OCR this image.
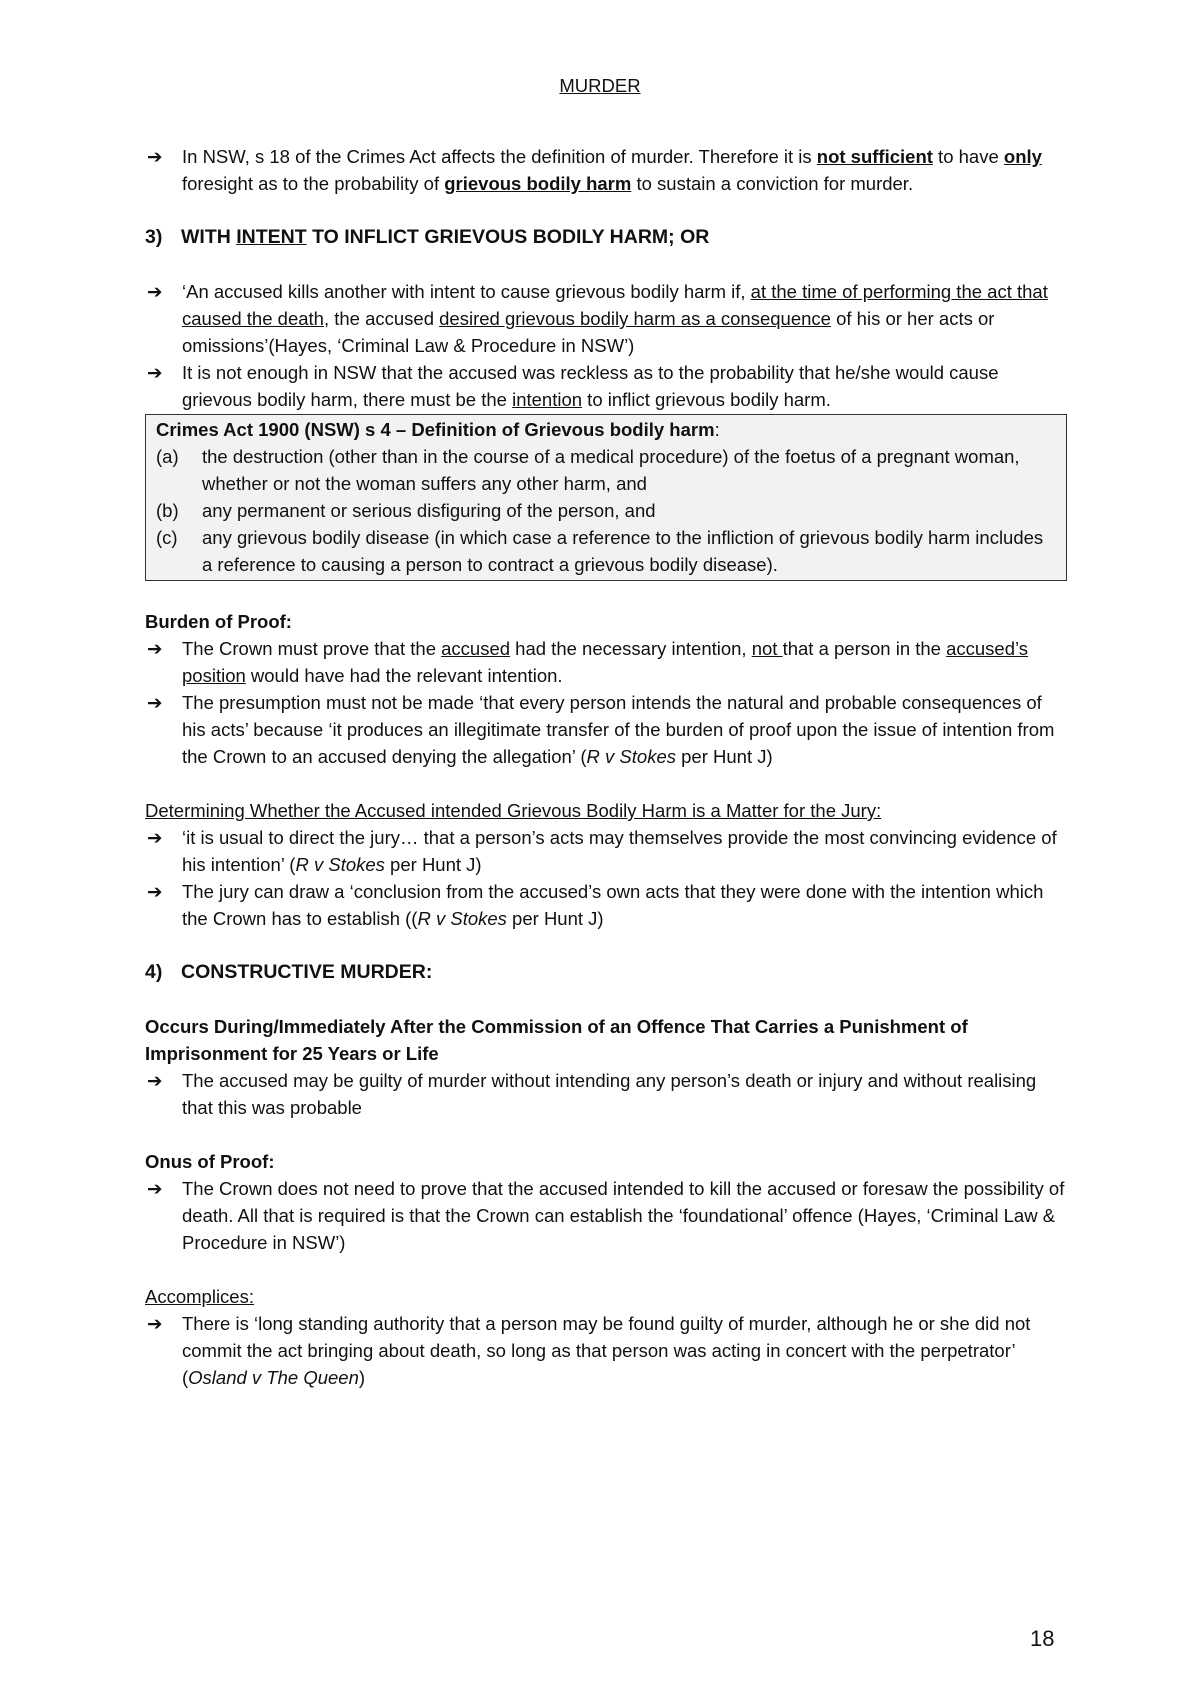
MURDER
➔ In NSW, s 18 of the Crimes Act affects the definition of murder. Therefore it is not sufficient to have only foresight as to the probability of grievous bodily harm to sustain a conviction for murder.
3) WITH INTENT TO INFLICT GRIEVOUS BODILY HARM; OR
➔ ‘An accused kills another with intent to cause grievous bodily harm if, at the time of performing the act that caused the death, the accused desired grievous bodily harm as a consequence of his or her acts or omissions’(Hayes, ‘Criminal Law & Procedure in NSW’)
➔ It is not enough in NSW that the accused was reckless as to the probability that he/she would cause grievous bodily harm, there must be the intention to inflict grievous bodily harm.
Crimes Act 1900 (NSW) s 4 – Definition of Grievous bodily harm:
(a) the destruction (other than in the course of a medical procedure) of the foetus of a pregnant woman, whether or not the woman suffers any other harm, and
(b) any permanent or serious disfiguring of the person, and
(c) any grievous bodily disease (in which case a reference to the infliction of grievous bodily harm includes a reference to causing a person to contract a grievous bodily disease).
Burden of Proof:
➔ The Crown must prove that the accused had the necessary intention, not that a person in the accused’s position would have had the relevant intention.
➔ The presumption must not be made ‘that every person intends the natural and probable consequences of his acts’ because ‘it produces an illegitimate transfer of the burden of proof upon the issue of intention from the Crown to an accused denying the allegation’ (R v Stokes per Hunt J)
Determining Whether the Accused intended Grievous Bodily Harm is a Matter for the Jury:
➔ ‘it is usual to direct the jury… that a person’s acts may themselves provide the most convincing evidence of his intention’ (R v Stokes per Hunt J)
➔ The jury can draw a ‘conclusion from the accused’s own acts that they were done with the intention which the Crown has to establish ((R v Stokes per Hunt J)
4) CONSTRUCTIVE MURDER:
Occurs During/Immediately After the Commission of an Offence That Carries a Punishment of Imprisonment for 25 Years or Life
➔ The accused may be guilty of murder without intending any person’s death or injury and without realising that this was probable
Onus of Proof:
➔ The Crown does not need to prove that the accused intended to kill the accused or foresaw the possibility of death. All that is required is that the Crown can establish the ‘foundational’ offence (Hayes, ‘Criminal Law & Procedure in NSW’)
Accomplices:
➔ There is ‘long standing authority that a person may be found guilty of murder, although he or she did not commit the act bringing about death, so long as that person was acting in concert with the perpetrator’ (Osland v The Queen)
18
